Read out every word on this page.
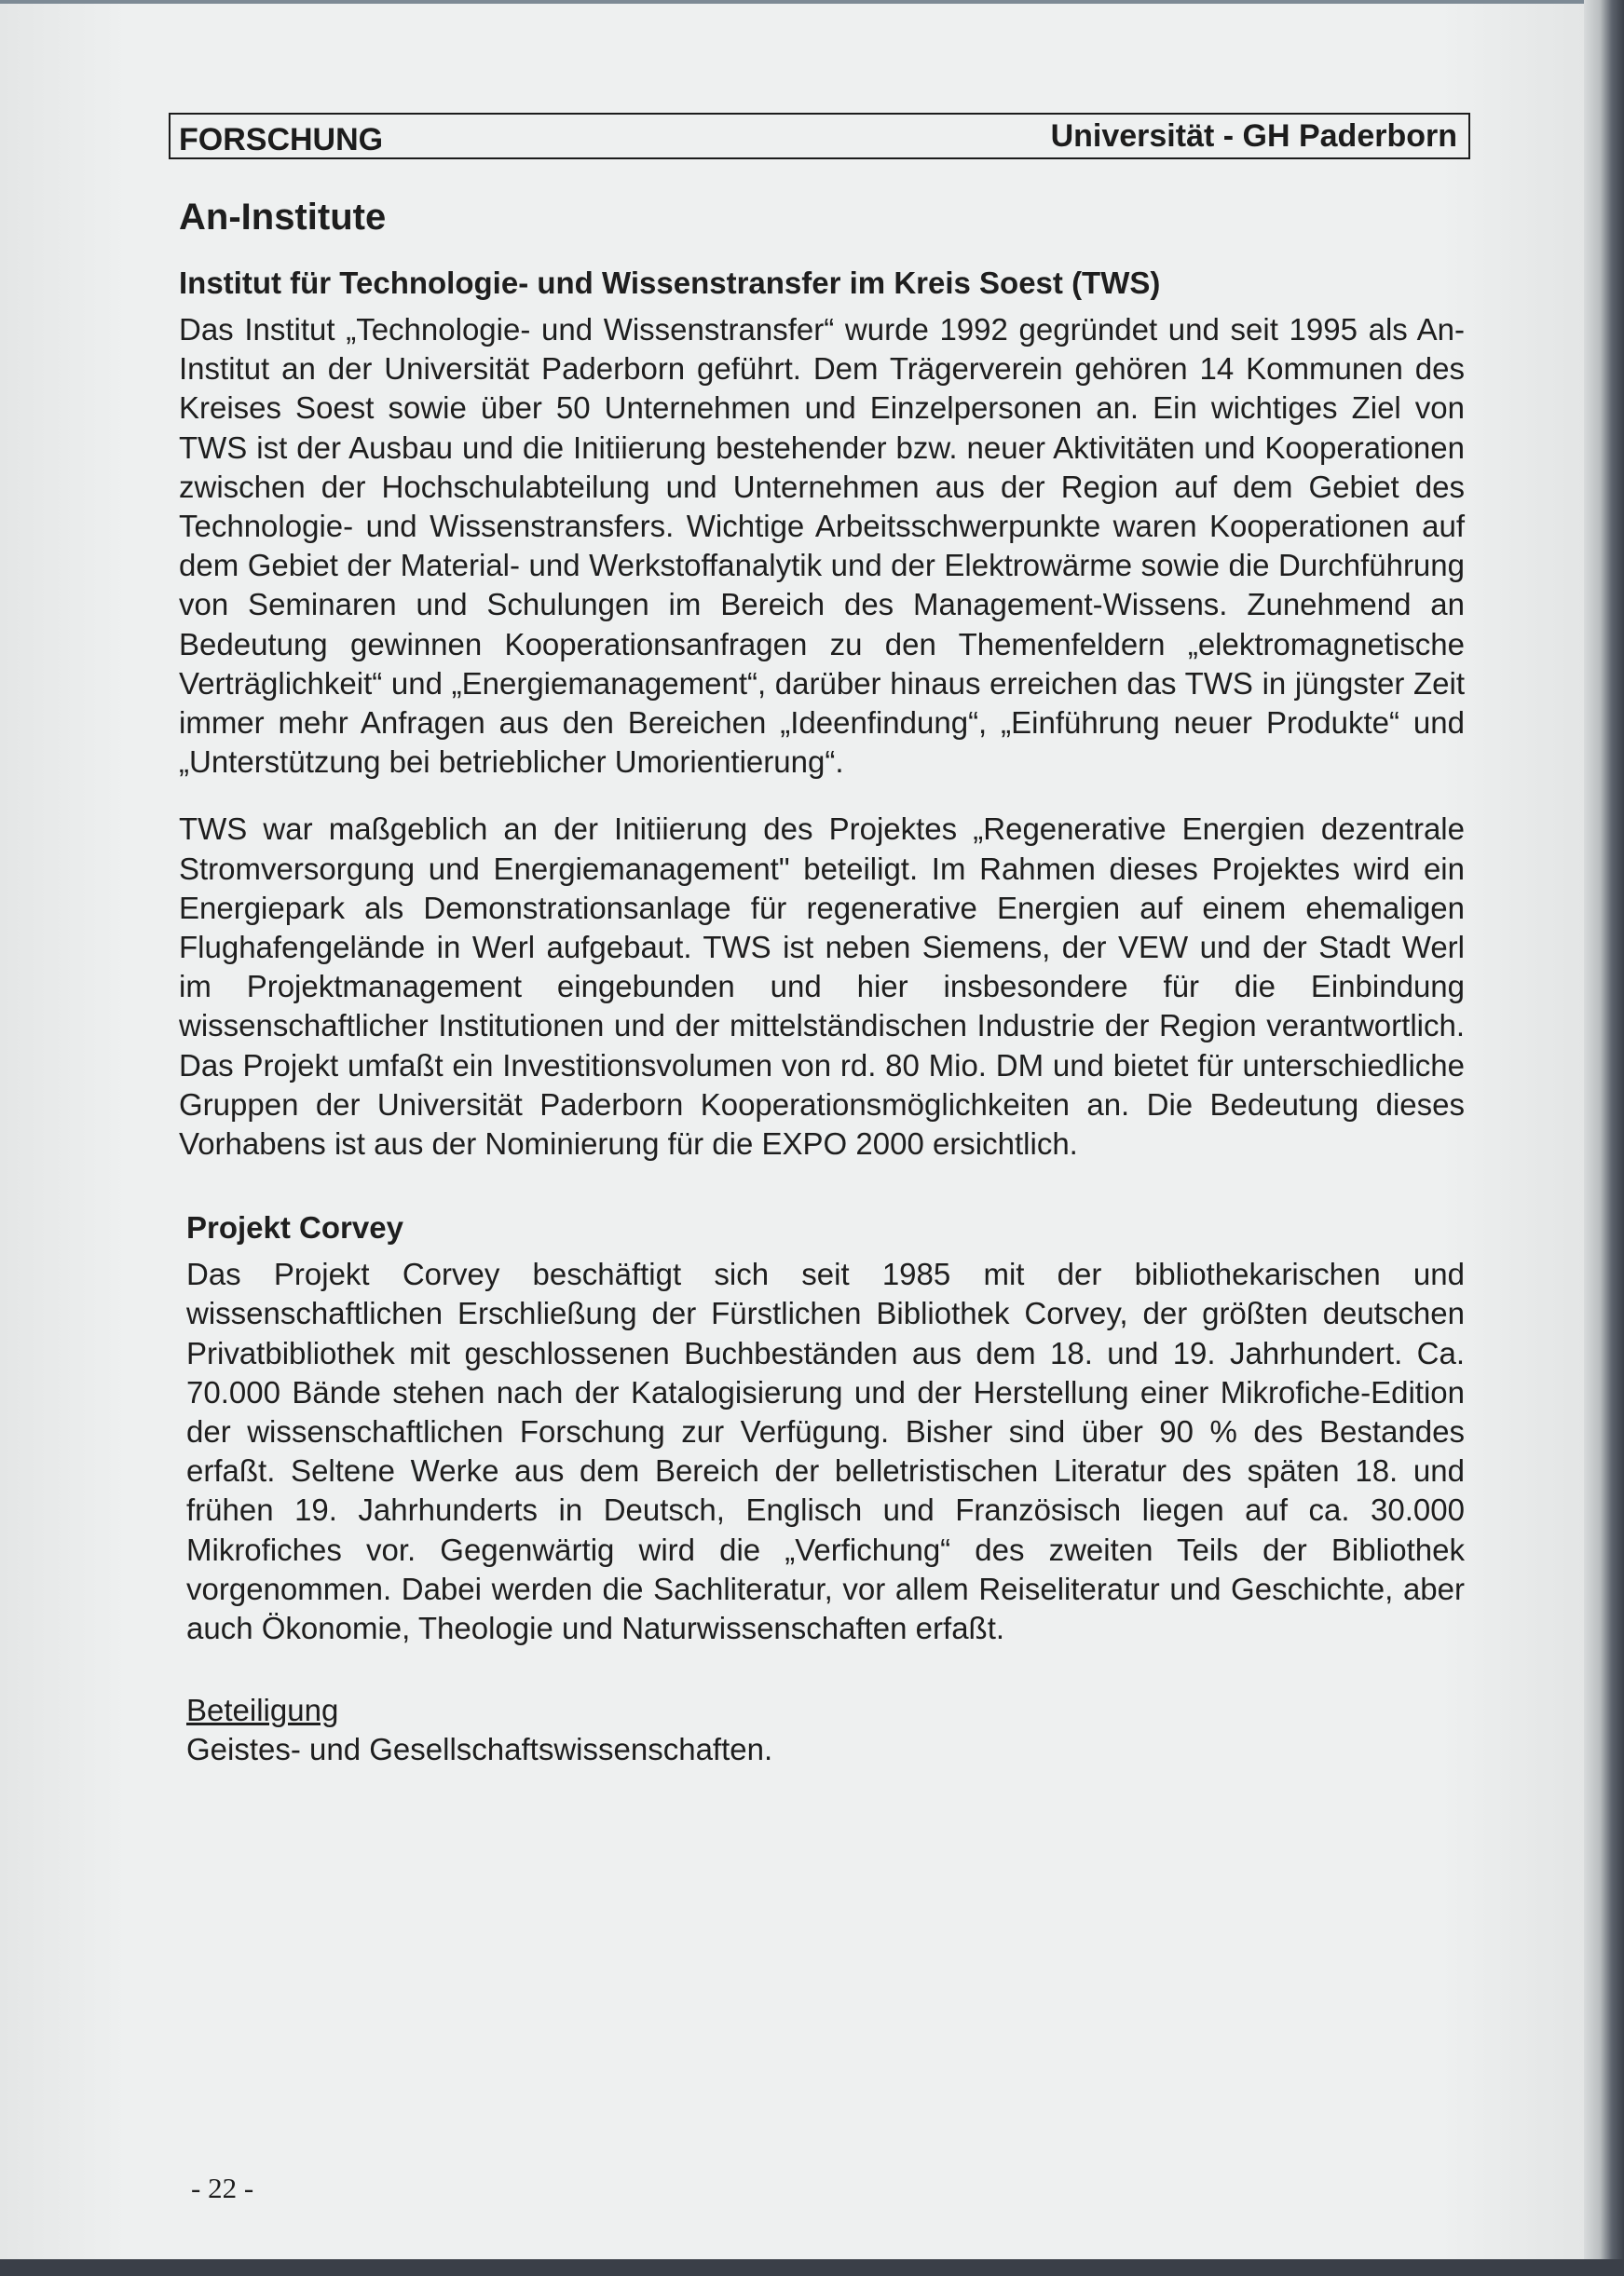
FORSCHUNG	Universität - GH Paderborn
An-Institute
Institut für Technologie- und Wissenstransfer im Kreis Soest (TWS)

Das Institut „Technologie- und Wissenstransfer“ wurde 1992 gegründet und seit 1995 als An-Institut an der Universität Paderborn geführt. Dem Trägerverein gehören 14 Kommunen des Kreises Soest sowie über 50 Unternehmen und Einzelpersonen an. Ein wichtiges Ziel von TWS ist der Ausbau und die Initiierung bestehender bzw. neuer Aktivitäten und Kooperationen zwischen der Hochschulabteilung und Unternehmen aus der Region auf dem Gebiet des Technologie- und Wissenstransfers. Wichtige Arbeitsschwerpunkte waren Kooperationen auf dem Gebiet der Material- und Werkstoffanalytik und der Elektrowärme sowie die Durchführung von Seminaren und Schulungen im Bereich des Management-Wissens. Zunehmend an Bedeutung gewinnen Kooperationsanfragen zu den Themenfeldern „elektromagnetische Verträglichkeit“ und „Energiemanagement“, darüber hinaus erreichen das TWS in jüngster Zeit immer mehr Anfragen aus den Bereichen „Ideenfindung“, „Einführung neuer Produkte“ und „Unterstützung bei betrieblicher Umorientierung“.

TWS war maßgeblich an der Initiierung des Projektes „Regenerative Energien dezentrale Stromversorgung und Energiemanagement" beteiligt. Im Rahmen dieses Projektes wird ein Energiepark als Demonstrationsanlage für regenerative Energien auf einem ehemaligen Flughafengelände in Werl aufgebaut. TWS ist neben Siemens, der VEW und der Stadt Werl im Projektmanagement eingebunden und hier insbesondere für die Einbindung wissenschaftlicher Institutionen und der mittelständischen Industrie der Region verantwortlich. Das Projekt umfaßt ein Investitionsvolumen von rd. 80 Mio. DM und bietet für unterschiedliche Gruppen der Universität Paderborn Kooperationsmöglichkeiten an. Die Bedeutung dieses Vorhabens ist aus der Nominierung für die EXPO 2000 ersichtlich.

Projekt Corvey

Das Projekt Corvey beschäftigt sich seit 1985 mit der bibliothekarischen und wissenschaftlichen Erschließung der Fürstlichen Bibliothek Corvey, der größten deutschen Privatbibliothek mit geschlossenen Buchbeständen aus dem 18. und 19. Jahrhundert. Ca. 70.000 Bände stehen nach der Katalogisierung und der Herstellung einer Mikrofiche-Edition der wissenschaftlichen Forschung zur Verfügung. Bisher sind über 90 % des Bestandes erfaßt. Seltene Werke aus dem Bereich der belletristischen Literatur des späten 18. und frühen 19. Jahrhunderts in Deutsch, Englisch und Französisch liegen auf ca. 30.000 Mikrofiches vor. Gegenwärtig wird die „Verfichung“ des zweiten Teils der Bibliothek vorgenommen. Dabei werden die Sachliteratur, vor allem Reiseliteratur und Geschichte, aber auch Ökonomie, Theologie und Naturwissenschaften erfaßt.

Beteiligung

Geistes- und Gesellschaftswissenschaften.

- 22 -
